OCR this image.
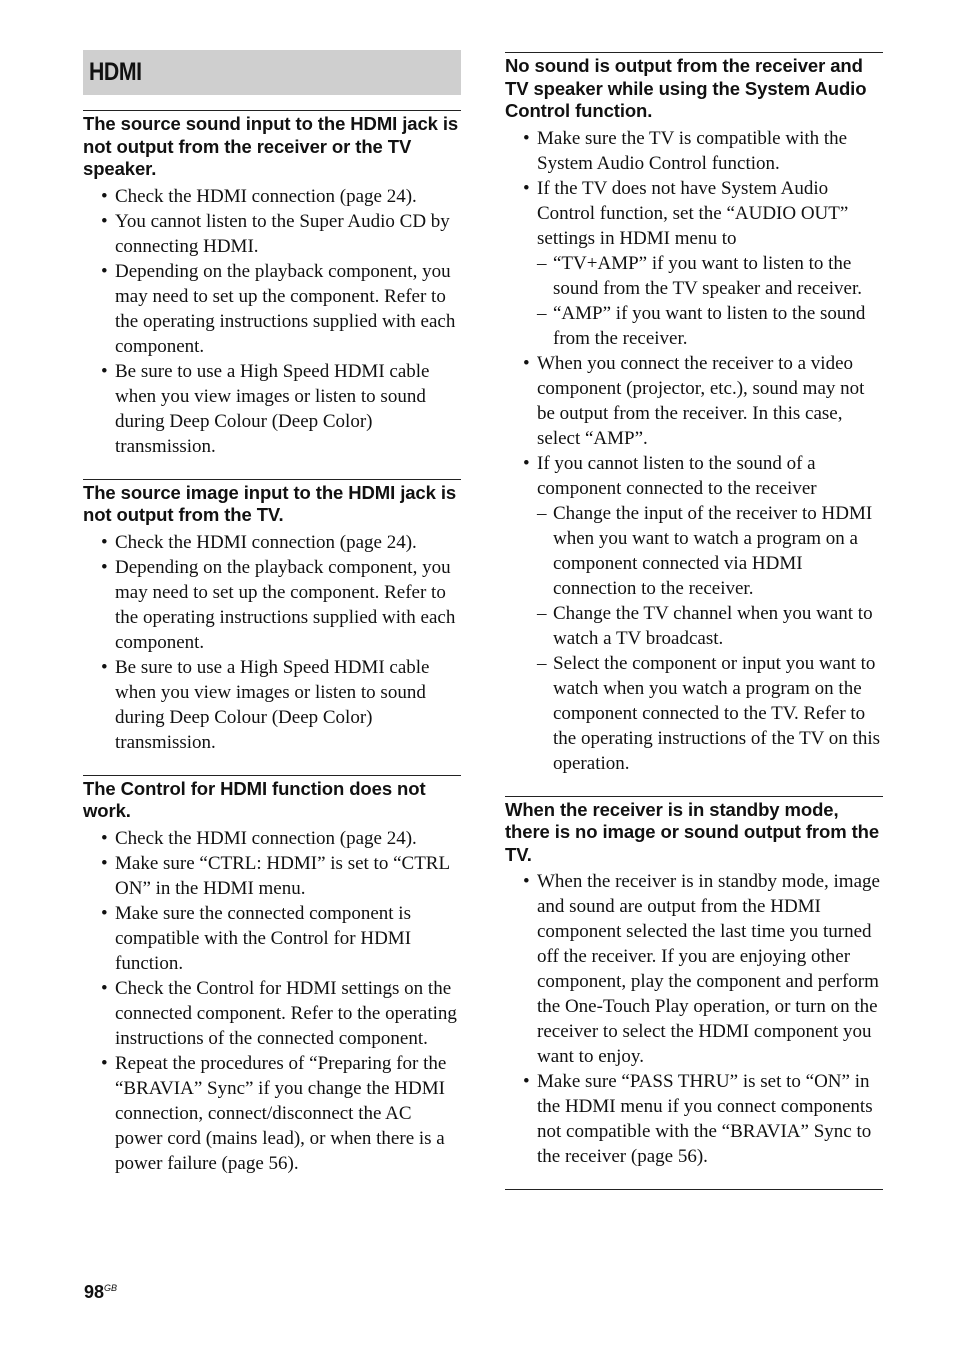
HDMI
The source sound input to the HDMI jack is not output from the receiver or the TV speaker.
• Check the HDMI connection (page 24).
• You cannot listen to the Super Audio CD by connecting HDMI.
• Depending on the playback component, you may need to set up the component. Refer to the operating instructions supplied with each component.
• Be sure to use a High Speed HDMI cable when you view images or listen to sound during Deep Colour (Deep Color) transmission.
The source image input to the HDMI jack is not output from the TV.
• Check the HDMI connection (page 24).
• Depending on the playback component, you may need to set up the component. Refer to the operating instructions supplied with each component.
• Be sure to use a High Speed HDMI cable when you view images or listen to sound during Deep Colour (Deep Color) transmission.
The Control for HDMI function does not work.
• Check the HDMI connection (page 24).
• Make sure “CTRL: HDMI” is set to “CTRL ON” in the HDMI menu.
• Make sure the connected component is compatible with the Control for HDMI function.
• Check the Control for HDMI settings on the connected component. Refer to the operating instructions of the connected component.
• Repeat the procedures of “Preparing for the “BRAVIA” Sync” if you change the HDMI connection, connect/disconnect the AC power cord (mains lead), or when there is a power failure (page 56).
No sound is output from the receiver and TV speaker while using the System Audio Control function.
• Make sure the TV is compatible with the System Audio Control function.
• If the TV does not have System Audio Control function, set the “AUDIO OUT” settings in HDMI menu to
– “TV+AMP” if you want to listen to the sound from the TV speaker and receiver.
– “AMP” if you want to listen to the sound from the receiver.
• When you connect the receiver to a video component (projector, etc.), sound may not be output from the receiver. In this case, select “AMP”.
• If you cannot listen to the sound of a component connected to the receiver
– Change the input of the receiver to HDMI when you want to watch a program on a component connected via HDMI connection to the receiver.
– Change the TV channel when you want to watch a TV broadcast.
– Select the component or input you want to watch when you watch a program on the component connected to the TV. Refer to the operating instructions of the TV on this operation.
When the receiver is in standby mode, there is no image or sound output from the TV.
• When the receiver is in standby mode, image and sound are output from the HDMI component selected the last time you turned off the receiver. If you are enjoying other component, play the component and perform the One-Touch Play operation, or turn on the receiver to select the HDMI component you want to enjoy.
• Make sure “PASS THRU” is set to “ON” in the HDMI menu if you connect components not compatible with the “BRAVIA” Sync to the receiver (page 56).
$98^{GB}$
